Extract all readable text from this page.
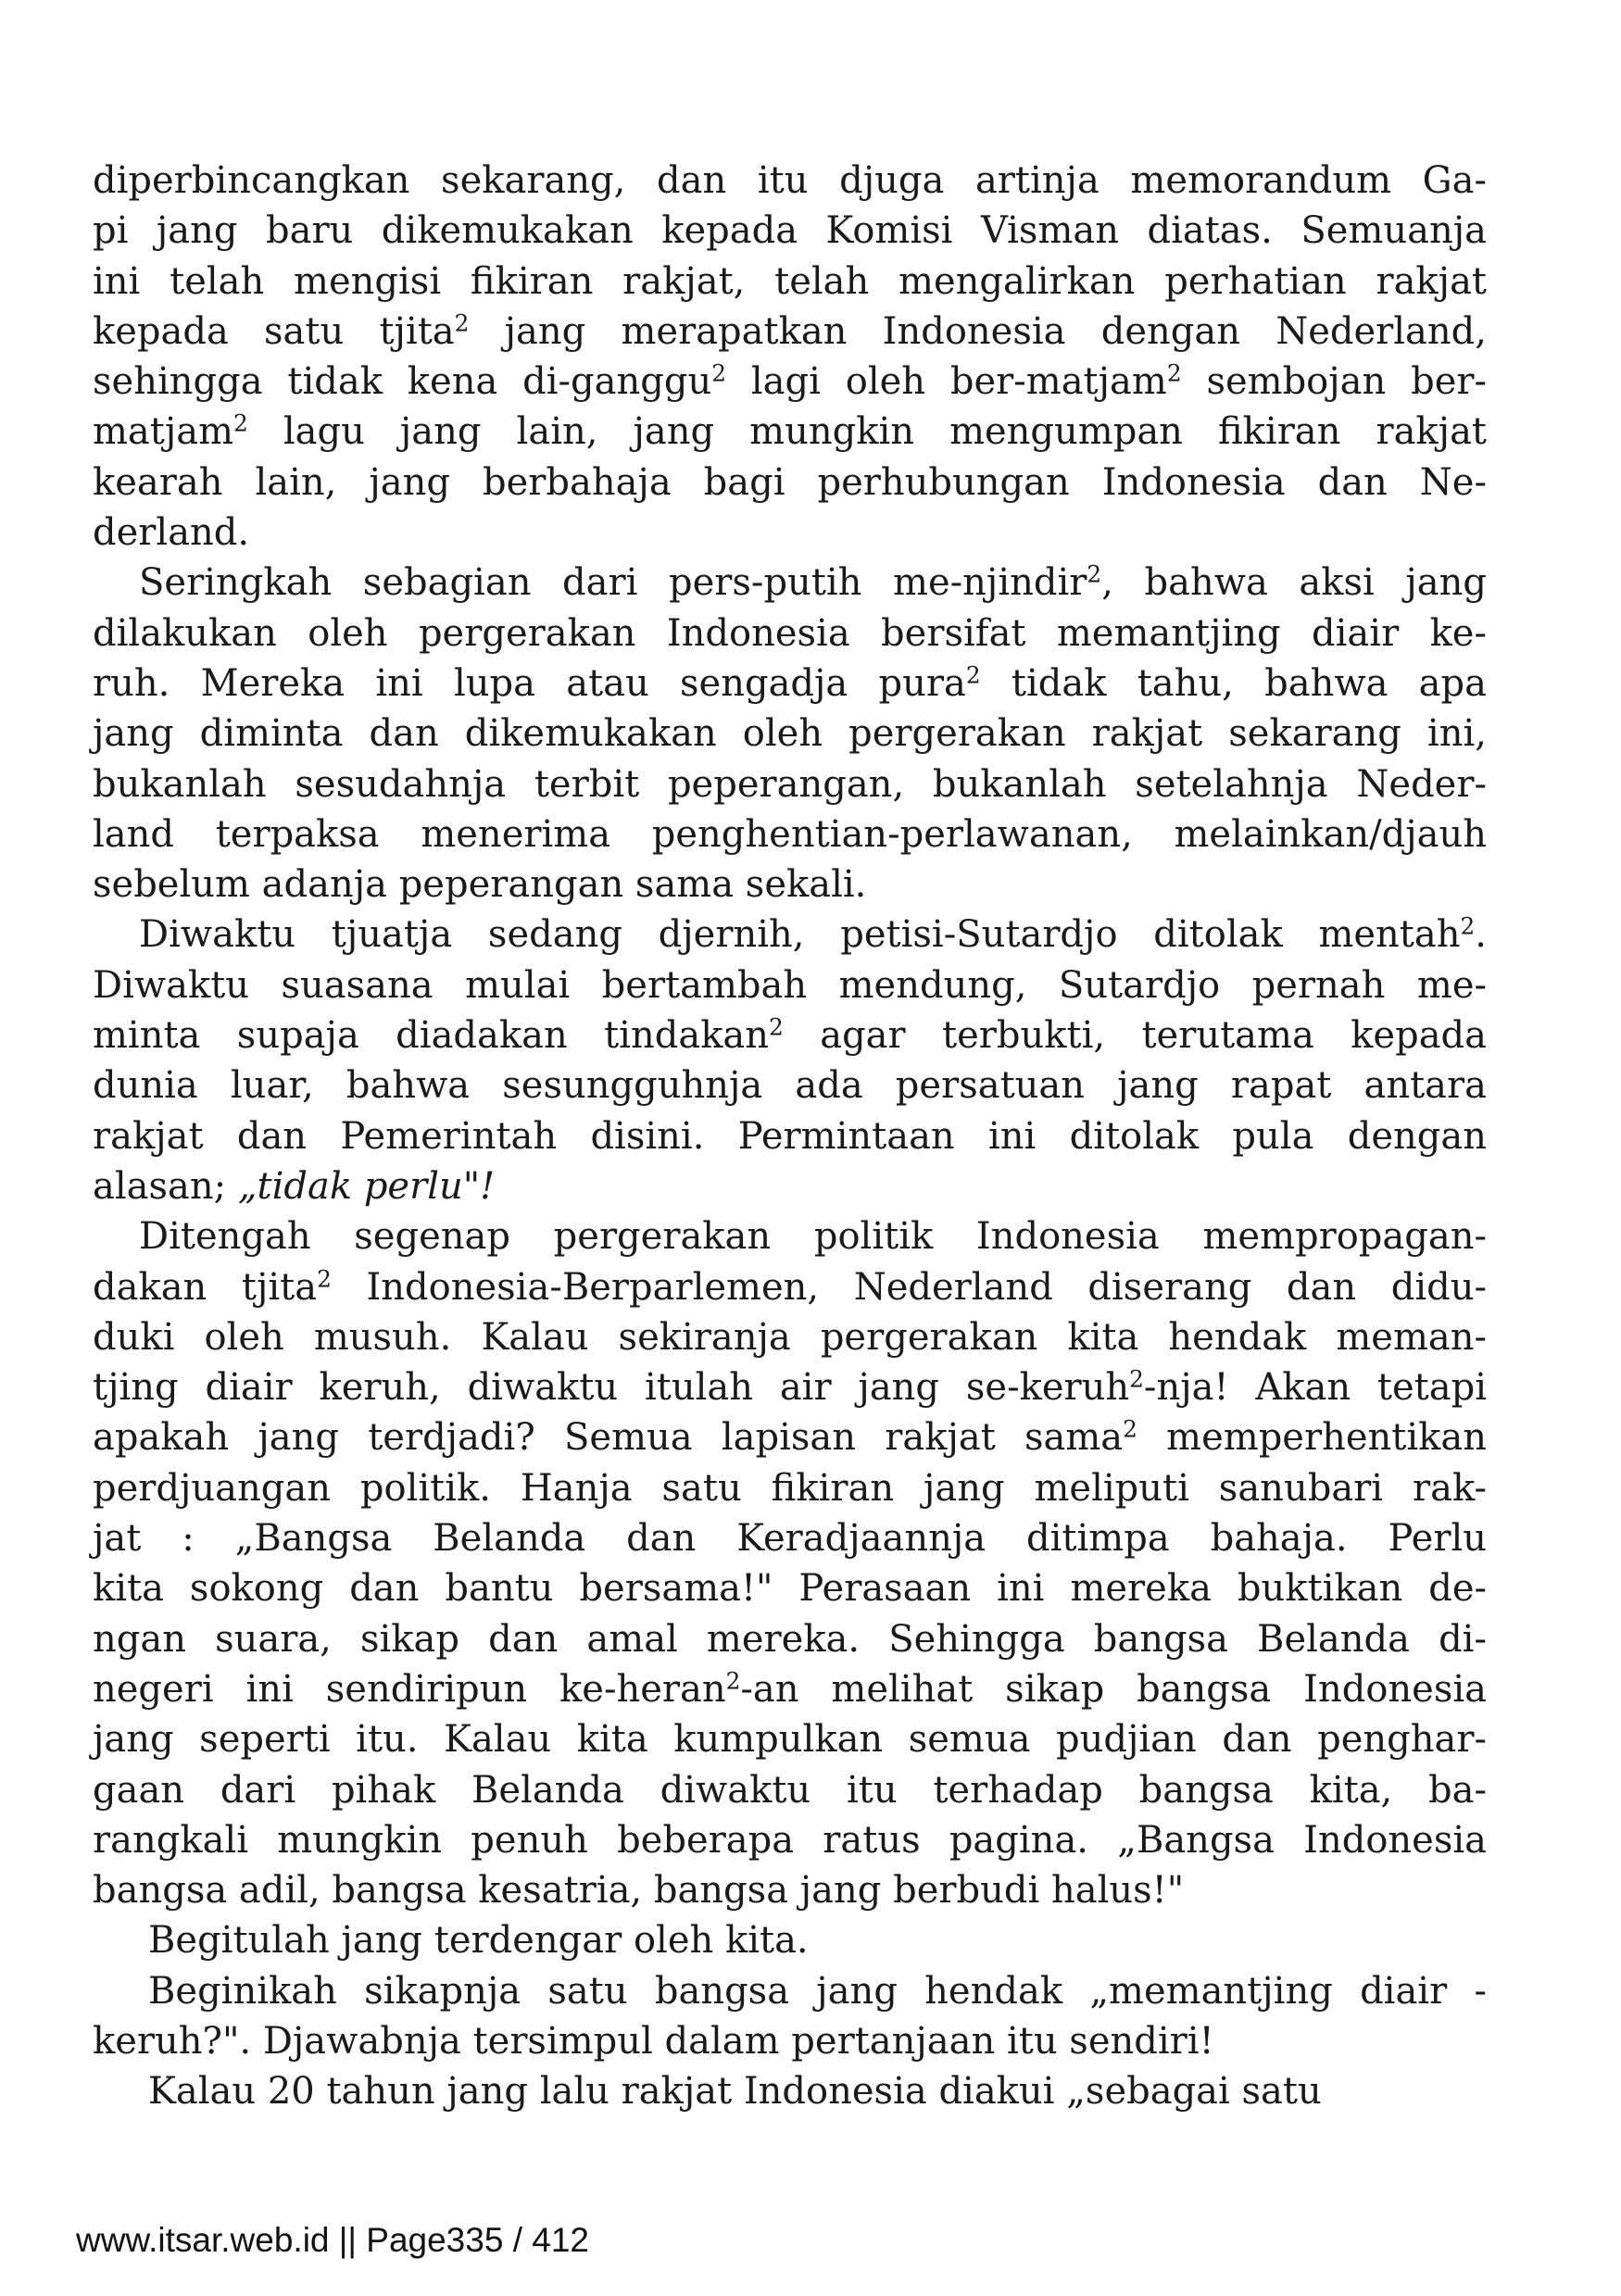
diperbincangkan sekarang, dan itu djuga artinja memorandum Ga-
pi jang baru dikemukakan kepada Komisi Visman diatas. Semuanja
ini telah mengisi fikiran rakjat, telah mengalirkan perhatian rakjat
kepada satu tjita$^2$ jang merapatkan Indonesia dengan Nederland,
sehingga tidak kena di-ganggu$^2$ lagi oleh ber-matjam$^2$ sembojan ber-
matjam$^2$ lagu jang lain, jang mungkin mengumpan fikiran rakjat
kearah lain, jang berbahaja bagi perhubungan Indonesia dan Ne-
derland.
Seringkah sebagian dari pers-putih me-njindir$^2$, bahwa aksi jang
dilakukan oleh pergerakan Indonesia bersifat memantjing diair ke-
ruh. Mereka ini lupa atau sengadja pura$^2$ tidak tahu, bahwa apa
jang diminta dan dikemukakan oleh pergerakan rakjat sekarang ini,
bukanlah sesudahnja terbit peperangan, bukanlah setelahnja Neder-
land terpaksa menerima penghentian-perlawanan, melainkan/djauh
sebelum adanja peperangan sama sekali.
Diwaktu tjuatja sedang djernih, petisi-Sutardjo ditolak mentah$^2$.
Diwaktu suasana mulai bertambah mendung, Sutardjo pernah me-
minta supaja diadakan tindakan$^2$ agar terbukti, terutama kepada
dunia luar, bahwa sesungguhnja ada persatuan jang rapat antara
rakjat dan Pemerintah disini. Permintaan ini ditolak pula dengan
alasan; „tidak perlu"!
Ditengah segenap pergerakan politik Indonesia mempropagan-
dakan tjita$^2$ Indonesia-Berparlemen, Nederland diserang dan didu-
duki oleh musuh. Kalau sekiranja pergerakan kita hendak meman-
tjing diair keruh, diwaktu itulah air jang se-keruh$^2$-nja! Akan tetapi
apakah jang terdjadi? Semua lapisan rakjat sama$^2$ memperhentikan
perdjuangan politik. Hanja satu fikiran jang meliputi sanubari rak-
jat : „Bangsa Belanda dan Keradjaannja ditimpa bahaja. Perlu
kita sokong dan bantu bersama!" Perasaan ini mereka buktikan de-
ngan suara, sikap dan amal mereka. Sehingga bangsa Belanda di-
negeri ini sendiripun ke-heran$^2$-an melihat sikap bangsa Indonesia
jang seperti itu. Kalau kita kumpulkan semua pudjian dan penghar-
gaan dari pihak Belanda diwaktu itu terhadap bangsa kita, ba-
rangkali mungkin penuh beberapa ratus pagina. „Bangsa Indonesia
bangsa adil, bangsa kesatria, bangsa jang berbudi halus!"
Begitulah jang terdengar oleh kita.
Beginikah sikapnja satu bangsa jang hendak „memantjing diair -
keruh?". Djawabnja tersimpul dalam pertanjaan itu sendiri!
Kalau 20 tahun jang lalu rakjat Indonesia diakui „sebagai satu
www.itsar.web.id || Page335 / 412
